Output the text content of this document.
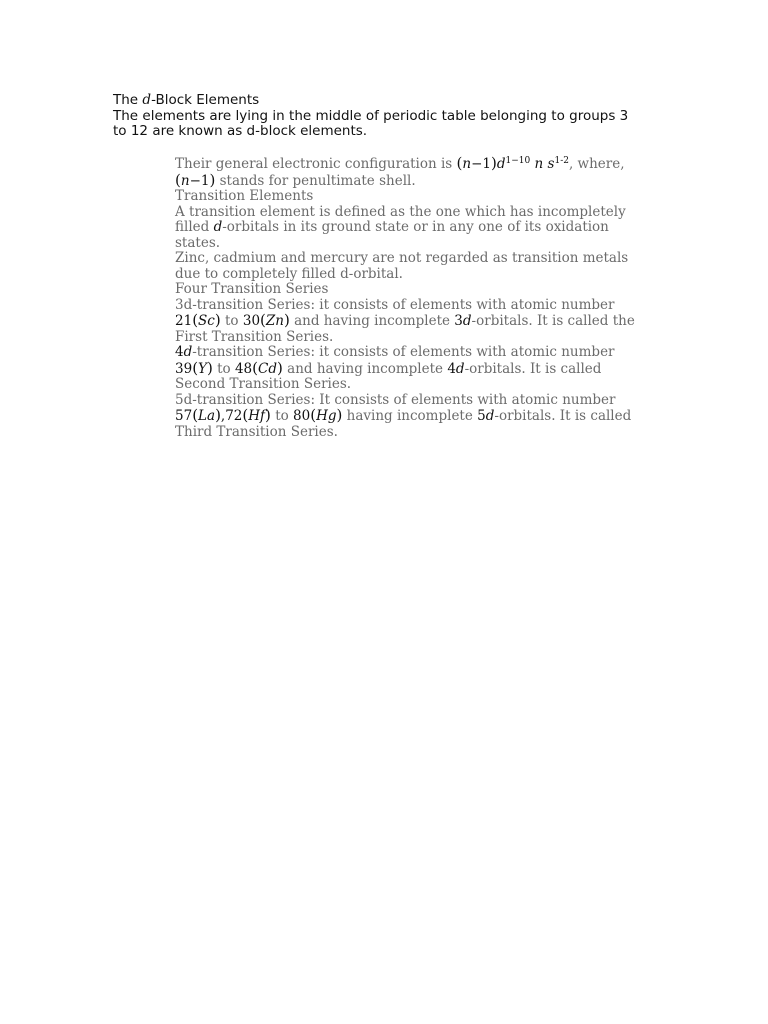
The d-Block Elements
The elements are lying in the middle of periodic table belonging to groups 3
to 12 are known as d-block elements.
Their general electronic configuration is $(n-1)d^{1-10}$ n $s^{1-2}$, where,
(n−1) stands for penultimate shell.
Transition Elements
A transition element is defined as the one which has incompletely
filled d-orbitals in its ground state or in any one of its oxidation
states.
Zinc, cadmium and mercury are not regarded as transition metals
due to completely filled d-orbital.
Four Transition Series
3d-transition Series: it consists of elements with atomic number
21(Sc) to 30(Zn) and having incomplete 3d-orbitals. It is called the
First Transition Series.
4d-transition Series: it consists of elements with atomic number
39(Y) to 48(Cd) and having incomplete 4d-orbitals. It is called
Second Transition Series.
5d-transition Series: It consists of elements with atomic number
57(La),72(Hf) to 80(Hg) having incomplete 5d-orbitals. It is called
Third Transition Series.
